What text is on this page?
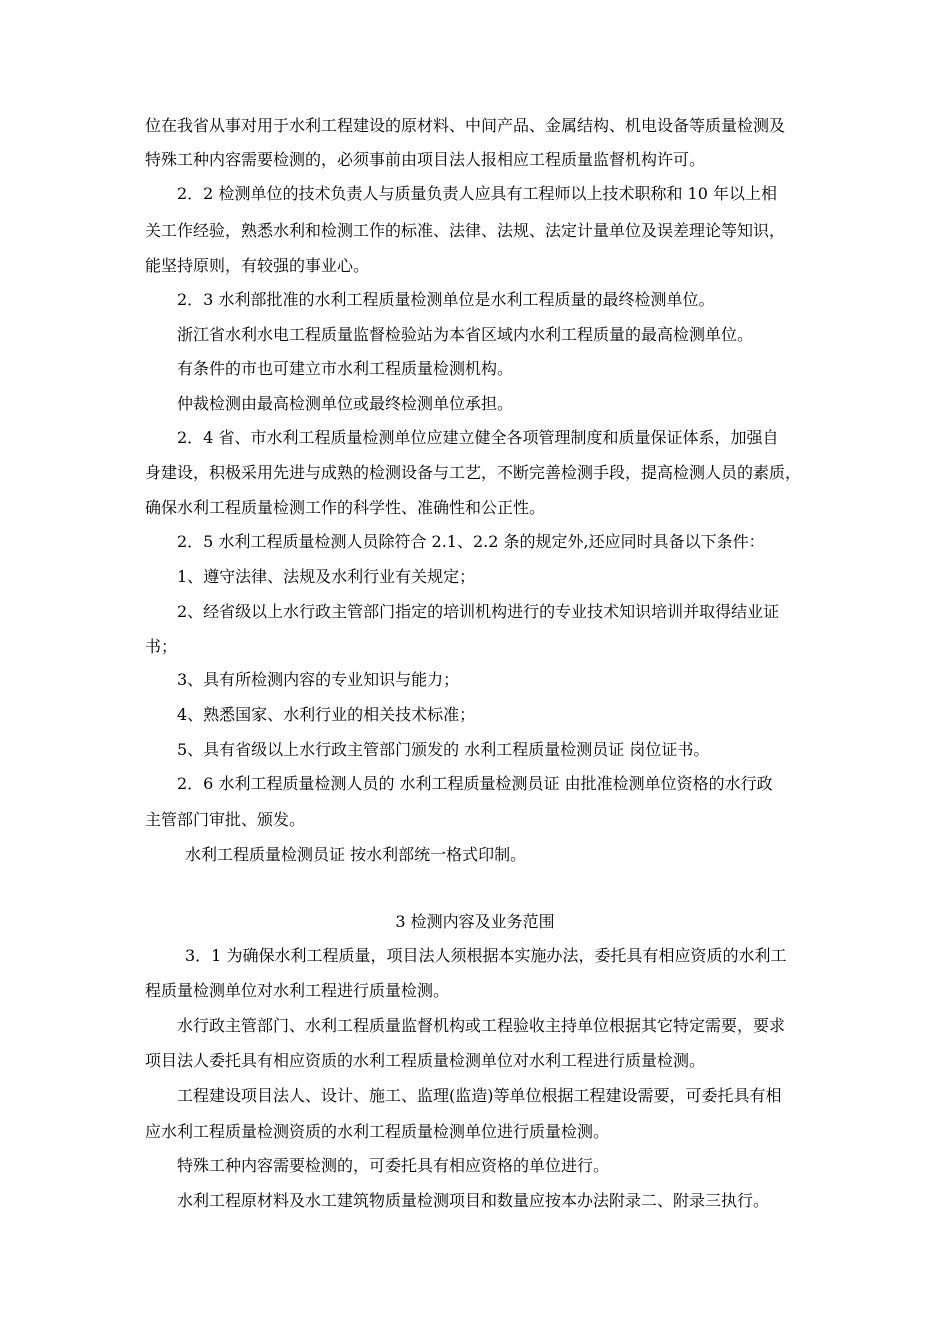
位在我省从事对用于水利工程建设的原材料、中间产品、金属结构、机电设备等质量检测及
特殊工种内容需要检测的，必须事前由项目法人报相应工程质量监督机构许可。
2．2 检测单位的技术负责人与质量负责人应具有工程师以上技术职称和 10 年以上相
关工作经验，熟悉水利和检测工作的标准、法律、法规、法定计量单位及误差理论等知识，
能坚持原则，有较强的事业心。
2．3 水利部批准的水利工程质量检测单位是水利工程质量的最终检测单位。
浙江省水利水电工程质量监督检验站为本省区域内水利工程质量的最高检测单位。
有条件的市也可建立市水利工程质量检测机构。
仲裁检测由最高检测单位或最终检测单位承担。
2．4 省、市水利工程质量检测单位应建立健全各项管理制度和质量保证体系，加强自
身建设，积极采用先进与成熟的检测设备与工艺，不断完善检测手段，提高检测人员的素质，
确保水利工程质量检测工作的科学性、准确性和公正性。
2．5 水利工程质量检测人员除符合 2.1、2.2 条的规定外,还应同时具备以下条件：
1、遵守法律、法规及水利行业有关规定；
2、经省级以上水行政主管部门指定的培训机构进行的专业技术知识培训并取得结业证
书；
3、具有所检测内容的专业知识与能力；
4、熟悉国家、水利行业的相关技术标准；
5、具有省级以上水行政主管部门颁发的 水利工程质量检测员证 岗位证书。
2．6 水利工程质量检测人员的 水利工程质量检测员证 由批准检测单位资格的水行政
主管部门审批、颁发。
水利工程质量检测员证 按水利部统一格式印制。
3 检测内容及业务范围
3．1 为确保水利工程质量，项目法人须根据本实施办法，委托具有相应资质的水利工
程质量检测单位对水利工程进行质量检测。
水行政主管部门、水利工程质量监督机构或工程验收主持单位根据其它特定需要，要求
项目法人委托具有相应资质的水利工程质量检测单位对水利工程进行质量检测。
工程建设项目法人、设计、施工、监理(监造)等单位根据工程建设需要，可委托具有相
应水利工程质量检测资质的水利工程质量检测单位进行质量检测。
特殊工种内容需要检测的，可委托具有相应资格的单位进行。
水利工程原材料及水工建筑物质量检测项目和数量应按本办法附录二、附录三执行。
